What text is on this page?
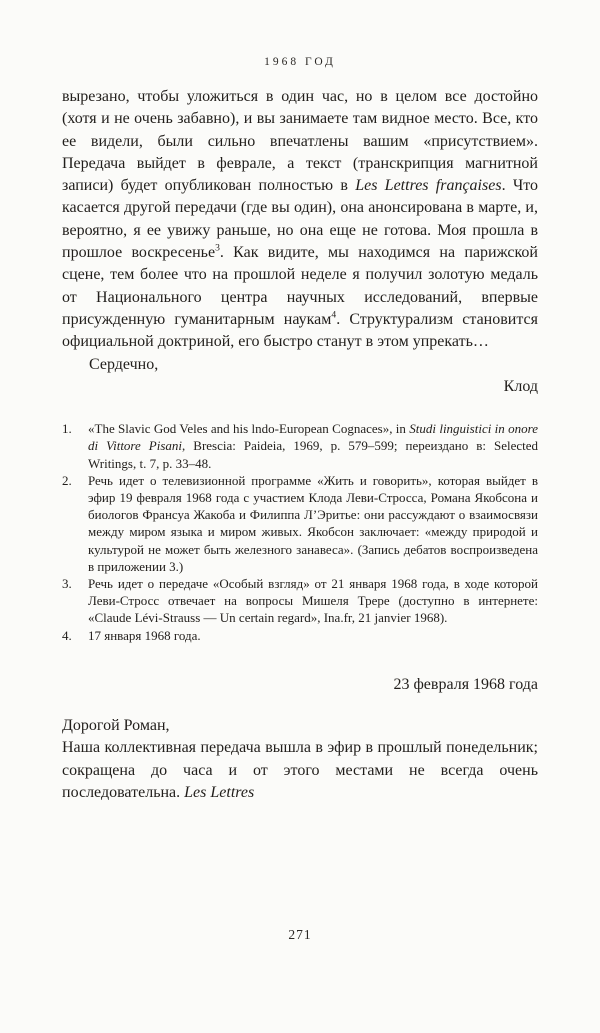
1968 ГОД
вырезано, чтобы уложиться в один час, но в целом все достойно (хотя и не очень забавно), и вы занимаете там видное место. Все, кто ее видели, были сильно впечатлены вашим «присутствием». Передача выйдет в феврале, а текст (транскрипция магнитной записи) будет опубликован полностью в Les Lettres françaises. Что касается другой передачи (где вы один), она анонсирована в марте, и, вероятно, я ее увижу раньше, но она еще не готова. Моя прошла в прошлое воскресенье$^3$. Как видите, мы находимся на парижской сцене, тем более что на прошлой неделе я получил золотую медаль от Национального центра научных исследований, впервые присужденную гуманитарным наукам$^4$. Структурализм становится официальной доктриной, его быстро станут в этом упрекать…
Сердечно,
Клод
1.	«The Slavic God Veles and his lndo-European Cognaces», in Studi linguistici in onore di Vittore Pisani, Brescia: Paideia, 1969, p. 579–599; переиздано в: Selected Writings, t. 7, p. 33–48.
2.	Речь идет о телевизионной программе «Жить и говорить», которая выйдет в эфир 19 февраля 1968 года с участием Клода Леви-Стросса, Романа Якобсона и биологов Франсуа Жакоба и Филиппа Л’Эритье: они рассуждают о взаимосвязи между миром языка и миром живых. Якобсон заключает: «между природой и культурой не может быть железного занавеса». (Запись дебатов воспроизведена в приложении 3.)
3.	Речь идет о передаче «Особый взгляд» от 21 января 1968 года, в ходе которой Леви-Стросс отвечает на вопросы Мишеля Трере (доступно в интернете: «Claude Lévi-Strauss — Un certain regard», Ina.fr, 21 janvier 1968).
4.	17 января 1968 года.
23 февраля 1968 года
Дорогой Роман,
Наша коллективная передача вышла в эфир в прошлый понедельник; сокращена до часа и от этого местами не всегда очень последовательна. Les Lettres
271
